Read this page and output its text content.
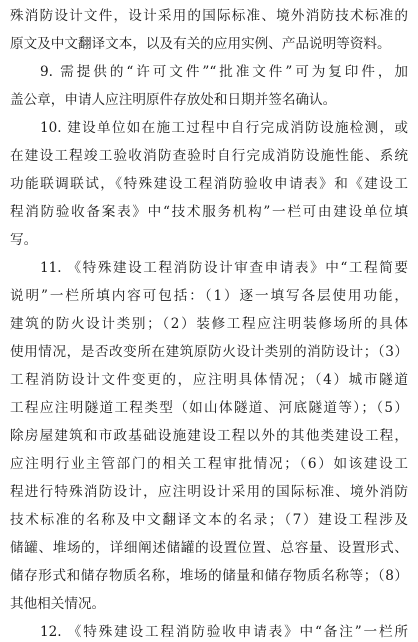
殊消防设计文件，设计采用的国际标准、境外消防技术标准的
原文及中文翻译文本，以及有关的应用实例、产品说明等资料。
9. 需提供的“许可文件”“批准文件”可为复印件，加
盖公章，申请人应注明原件存放处和日期并签名确认。
10. 建设单位如在施工过程中自行完成消防设施检测，或
在建设工程竣工验收消防查验时自行完成消防设施性能、系统
功能联调联试，《特殊建设工程消防验收申请表》和《建设工
程消防验收备案表》中“技术服务机构”一栏可由建设单位填
写。
11. 《特殊建设工程消防设计审查申请表》中“工程简要
说明”一栏所填内容可包括：（1）逐一填写各层使用功能，
建筑的防火设计类别；（2）装修工程应注明装修场所的具体
使用情况，是否改变所在建筑原防火设计类别的消防设计；（3）
工程消防设计文件变更的，应注明具体情况；（4）城市隧道
工程应注明隧道工程类型（如山体隧道、河底隧道等）；（5）
除房屋建筑和市政基础设施建设工程以外的其他类建设工程，
应注明行业主管部门的相关工程审批情况；（6）如该建设工
程进行特殊消防设计，应注明设计采用的国际标准、境外消防
技术标准的名称及中文翻译文本的名录；（7）建设工程涉及
储罐、堆场的，详细阐述储罐的设置位置、总容量、设置形式、
储存形式和储存物质名称，堆场的储量和储存物质名称等；（8）
其他相关情况。
12. 《特殊建设工程消防验收申请表》中“备注”一栏所
